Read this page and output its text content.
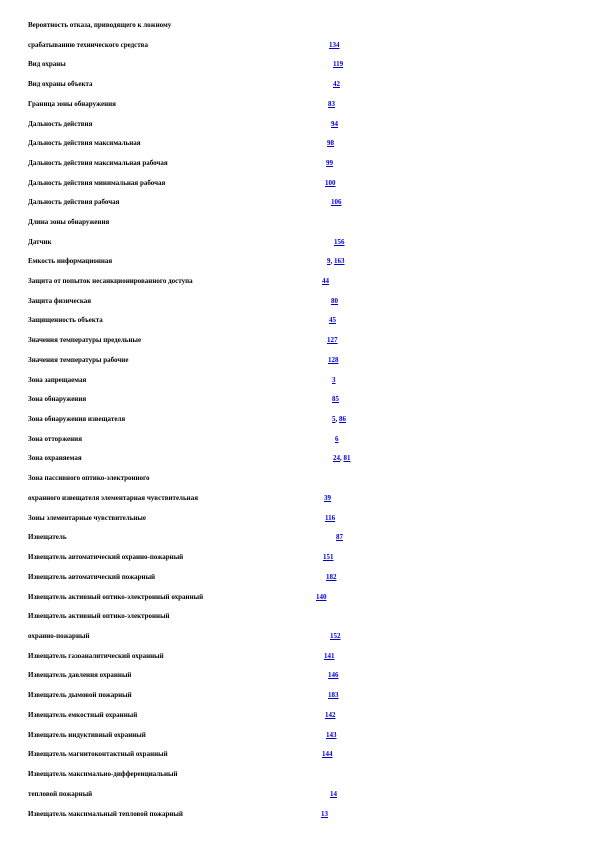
Вероятность отказа, приводящего к ложному
срабатыванию технического средства	134
Вид охраны	119
Вид охраны объекта	42
Граница зоны обнаружения	83
Дальность действия	94
Дальность действия максимальная	98
Дальность действия максимальная рабочая	99
Дальность действия минимальная рабочая	100
Дальность действия рабочая	106
Длина зоны обнаружения
Датчик	156
Емкость информационная	9, 163
Защита от попыток несанкционированного доступа	44
Защита физическая	80
Защищенность объекта	45
Значения температуры предельные	127
Значения температуры рабочие	128
Зона запрещаемая	3
Зона обнаружения	85
Зона обнаружения извещателя	5, 86
Зона отторжения	6
Зона охраняемая	24, 81
Зона пассивного оптико-электронного
охранного извещателя элементарная чувствительная	39
Зоны элементарные чувствительные	116
Извещатель	87
Извещатель автоматический охранно-пожарный	151
Извещатель автоматический пожарный	182
Извещатель активный оптико-электронный охранный	140
Извещатель активный оптико-электронный
охранно-пожарный	152
Извещатель газоаналитический охранный	141
Извещатель давления охранный	146
Извещатель дымовой пожарный	183
Извещатель емкостный охранный	142
Извещатель индуктивный охранный	143
Извещатель магнитоконтактный охранный	144
Извещатель максимально-дифференциальный
тепловой пожарный	14
Извещатель максимальный тепловой пожарный	13
